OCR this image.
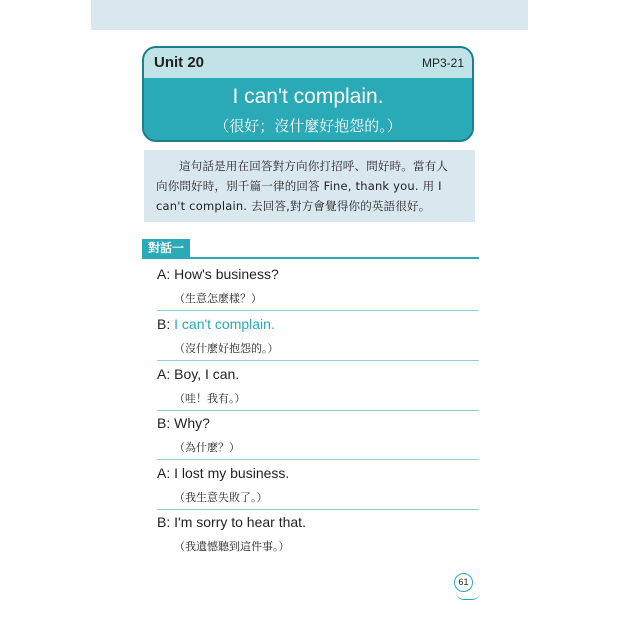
Unit 20	MP3-21
I can't complain.
（很好；沒什麼好抱怨的。）
這句話是用在回答對方向你打招呼、問好時。當有人
向你問好時，別千篇一律的回答 Fine, thank you. 用 I
can't complain. 去回答,對方會覺得你的英語很好。
對話一
A: How's business?
（生意怎麼樣？）
B: I can't complain.
（沒什麼好抱怨的。）
A: Boy, I can.
（哇！我有。）
B: Why?
（為什麼？）
A: I lost my business.
（我生意失敗了。）
B: I'm sorry to hear that.
（我遺憾聽到這件事。）
61
